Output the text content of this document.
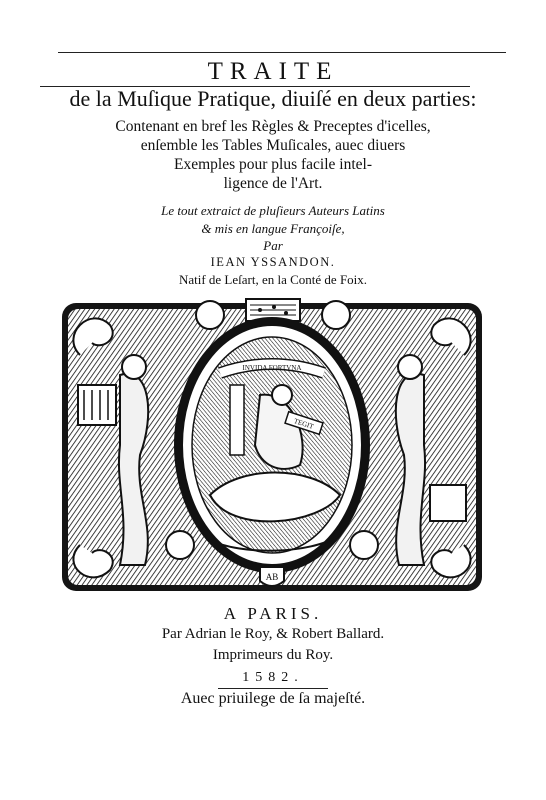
TRAITE
de la Muſique Pratique, diuiſé en deux parties:
Contenant en bref les Règles & Preceptes d'icelles,
enſemble les Tables Muſicales, auec diuers
Exemples pour plus facile intel-
ligence de l'Art.
Le tout extraict de pluſieurs Auteurs Latins
& mis en langue Françoiſe,
Par
IEAN YSSANDON.
Natif de Leſart, en la Conté de Foix.
INVIDA FORTVNA
TEGIT
AB
A PARIS.
Par Adrian le Roy, & Robert Ballard.
Imprimeurs du Roy.
1582.
Auec priuilege de ſa majeſté.
